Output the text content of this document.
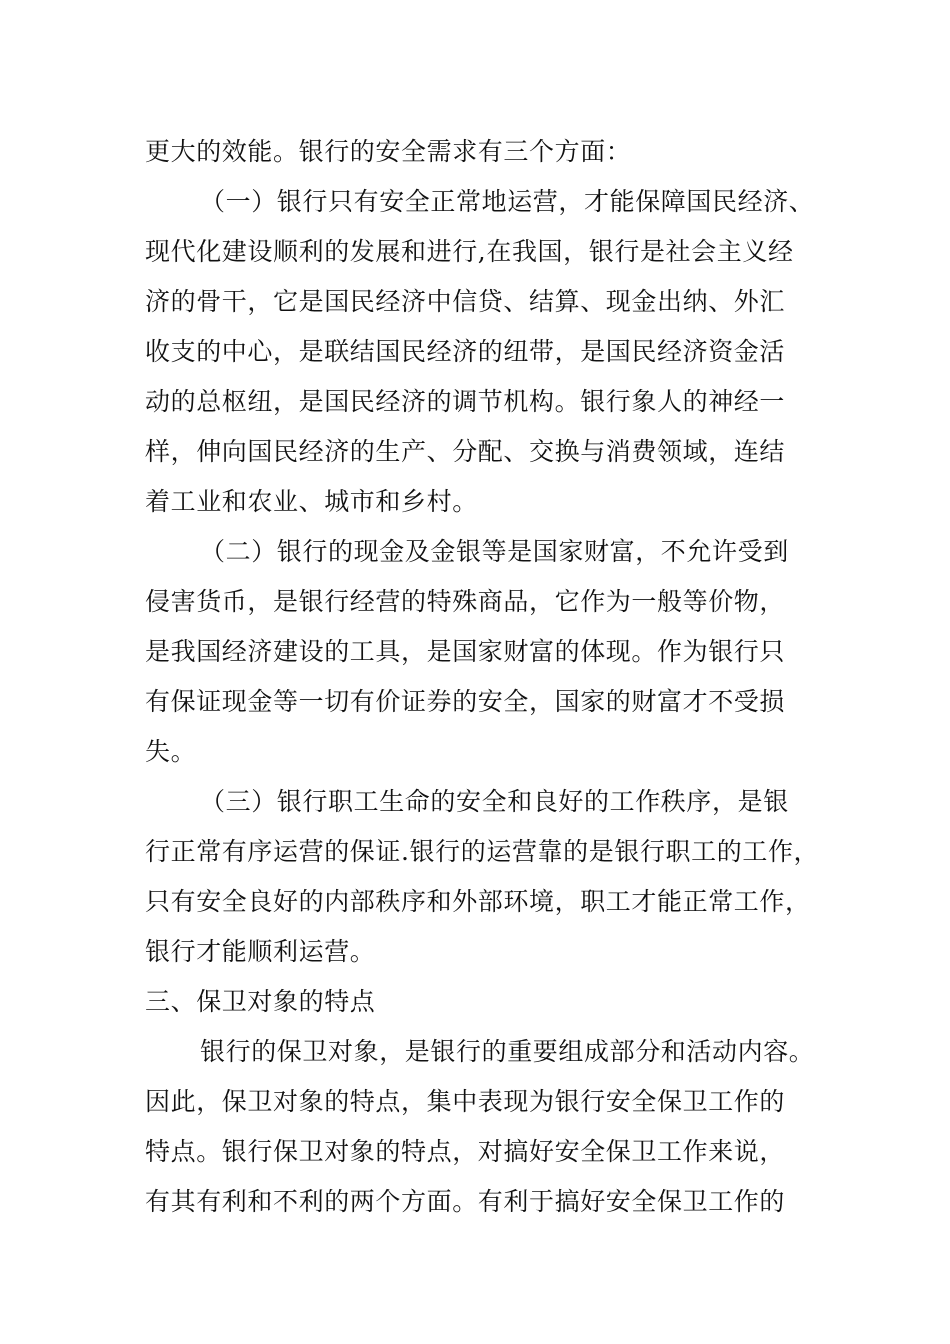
更大的效能。银行的安全需求有三个方面：
（一）银行只有安全正常地运营，才能保障国民经济、
现代化建设顺利的发展和进行,在我国，银行是社会主义经
济的骨干，它是国民经济中信贷、结算、现金出纳、外汇
收支的中心，是联结国民经济的纽带，是国民经济资金活
动的总枢纽，是国民经济的调节机构。银行象人的神经一
样，伸向国民经济的生产、分配、交换与消费领域，连结
着工业和农业、城市和乡村。
（二）银行的现金及金银等是国家财富，不允许受到
侵害货币，是银行经营的特殊商品，它作为一般等价物，
是我国经济建设的工具，是国家财富的体现。作为银行只
有保证现金等一切有价证券的安全，国家的财富才不受损
失。
（三）银行职工生命的安全和良好的工作秩序，是银
行正常有序运营的保证.银行的运营靠的是银行职工的工作，
只有安全良好的内部秩序和外部环境，职工才能正常工作，
银行才能顺利运营。
三、保卫对象的特点
银行的保卫对象，是银行的重要组成部分和活动内容。
因此，保卫对象的特点，集中表现为银行安全保卫工作的
特点。银行保卫对象的特点，对搞好安全保卫工作来说，
有其有利和不利的两个方面。有利于搞好安全保卫工作的
